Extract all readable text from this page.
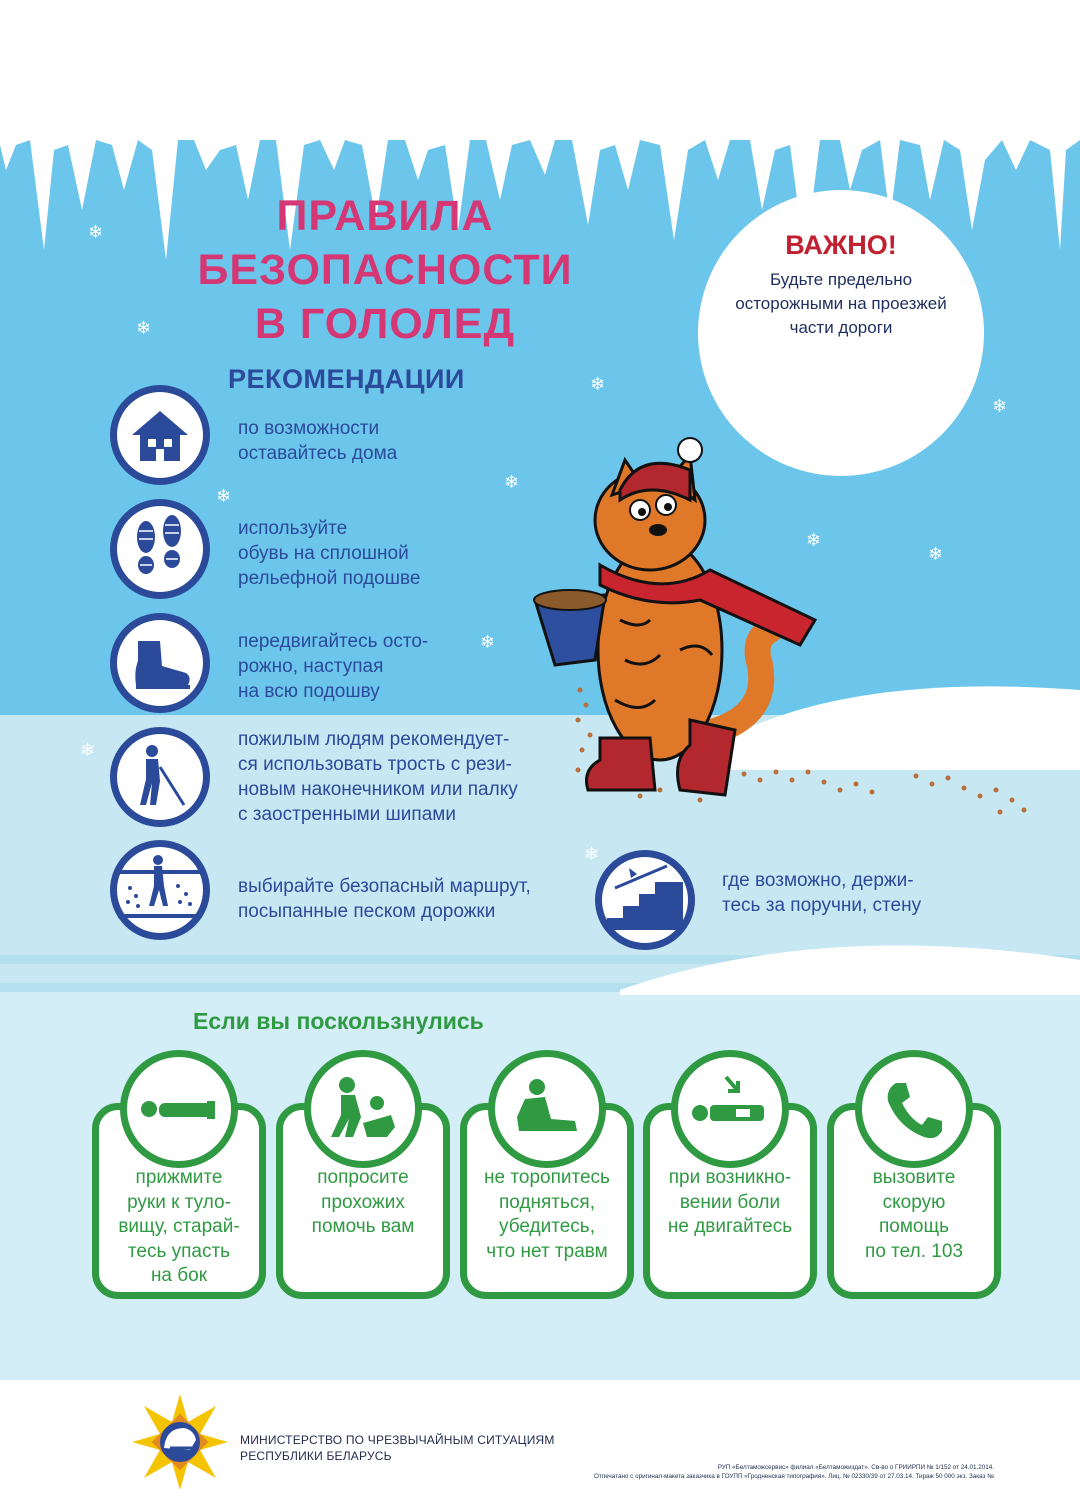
❄
❄
❄
❄
❄
❄
❄
❄
❄
❄
❄
ПРАВИЛА
БЕЗОПАСНОСТИ
В ГОЛОЛЕД
ВАЖНО!
Будьте предельно
осторожными на проезжей
части дороги
РЕКОМЕНДАЦИИ
по возможности
оставайтесь дома
используйте
обувь на сплошной
рельефной подошве
передвигайтесь осто-
рожно, наступая
на всю подошву
пожилым людям рекомендует-
ся использовать трость с рези-
новым наконечником или палку
с заостренными шипами
выбирайте безопасный маршрут,
посыпанные песком дорожки
где возможно, держи-
тесь за поручни, стену
Если вы поскользнулись
прижмите
руки к туло-
вищу, старай-
тесь упасть
на бок
попросите
прохожих
помочь вам
не торопитесь
подняться,
убедитесь,
что нет травм
при возникно-
вении боли
не двигайтесь
вызовите
скорую
помощь
по тел. 103
МИНИСТЕРСТВО ПО ЧРЕЗВЫЧАЙНЫМ СИТУАЦИЯМ
РЕСПУБЛИКИ БЕЛАРУСЬ
РУП «Белтаможсервис» филиал «Белтаможиздат». Св-во о ГРИИРПИ № 1/152 от 24.01.2014.
Отпечатано с оригинал-макета заказчика в ГОУПП «Гродненская типография». Лиц. № 02330/39 от 27.03.14. Тираж 50 000 экз. Заказ №
